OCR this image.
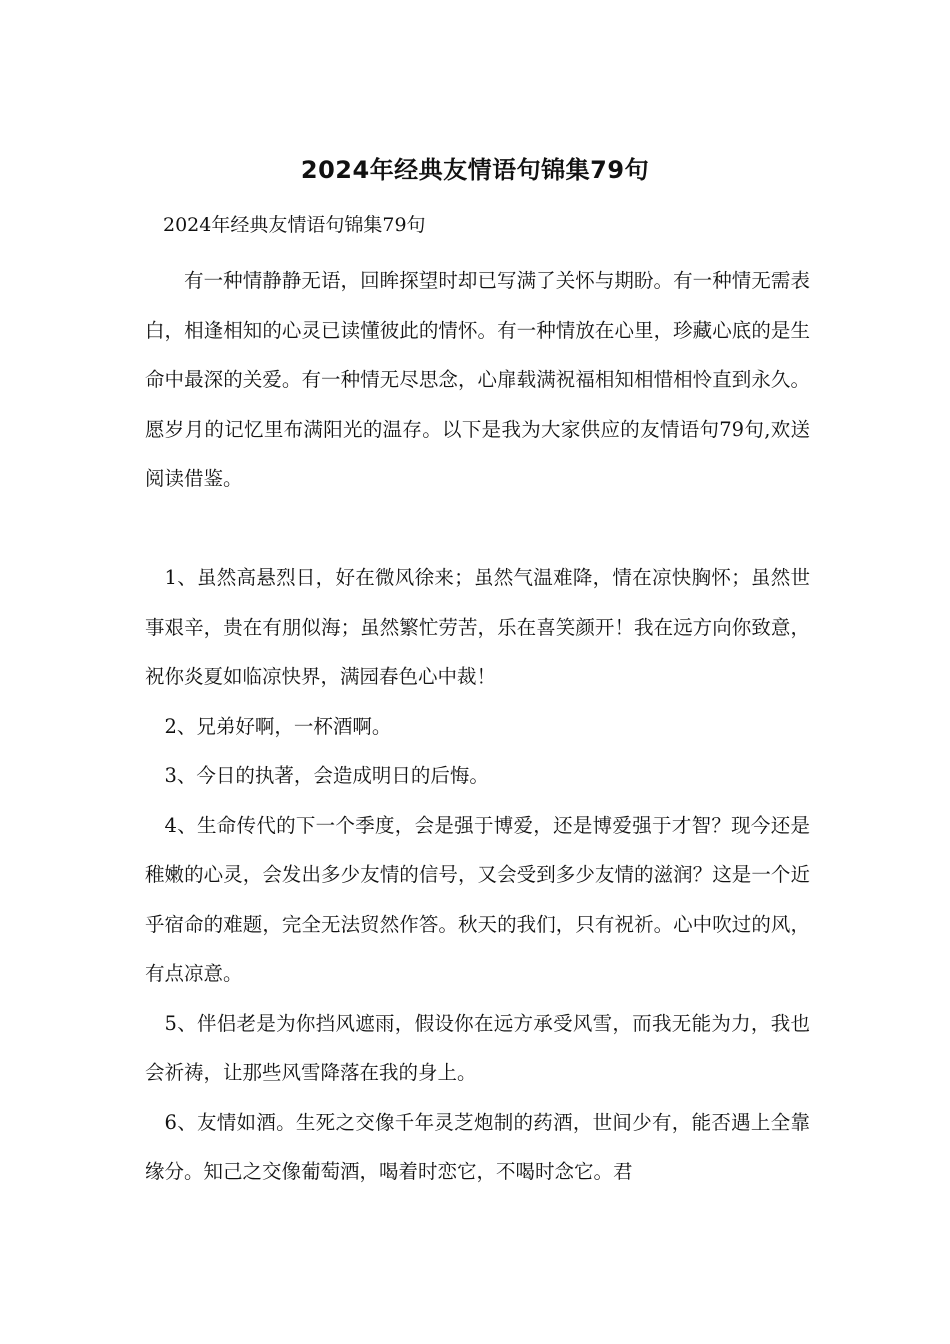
2024年经典友情语句锦集79句
2024年经典友情语句锦集79句

有一种情静静无语，回眸探望时却已写满了关怀与期盼。有一种情无需表白，相逢相知的心灵已读懂彼此的情怀。有一种情放在心里，珍藏心底的是生命中最深的关爱。有一种情无尽思念，心扉载满祝福相知相惜相怜直到永久。愿岁月的记忆里布满阳光的温存。以下是我为大家供应的友情语句79句,欢送阅读借鉴。

1、虽然高悬烈日，好在微风徐来；虽然气温难降，情在凉快胸怀；虽然世事艰辛，贵在有朋似海；虽然繁忙劳苦，乐在喜笑颜开！我在远方向你致意，祝你炎夏如临凉快界，满园春色心中裁！

2、兄弟好啊，一杯酒啊。

3、今日的执著，会造成明日的后悔。

4、生命传代的下一个季度，会是强于博爱，还是博爱强于才智？现今还是稚嫩的心灵，会发出多少友情的信号，又会受到多少友情的滋润？这是一个近乎宿命的难题，完全无法贸然作答。秋天的我们，只有祝祈。心中吹过的风，有点凉意。

5、伴侣老是为你挡风遮雨，假设你在远方承受风雪，而我无能为力，我也会祈祷，让那些风雪降落在我的身上。

6、友情如酒。生死之交像千年灵芝炮制的药酒，世间少有，能否遇上全靠缘分。知己之交像葡萄酒，喝着时恋它，不喝时念它。君
